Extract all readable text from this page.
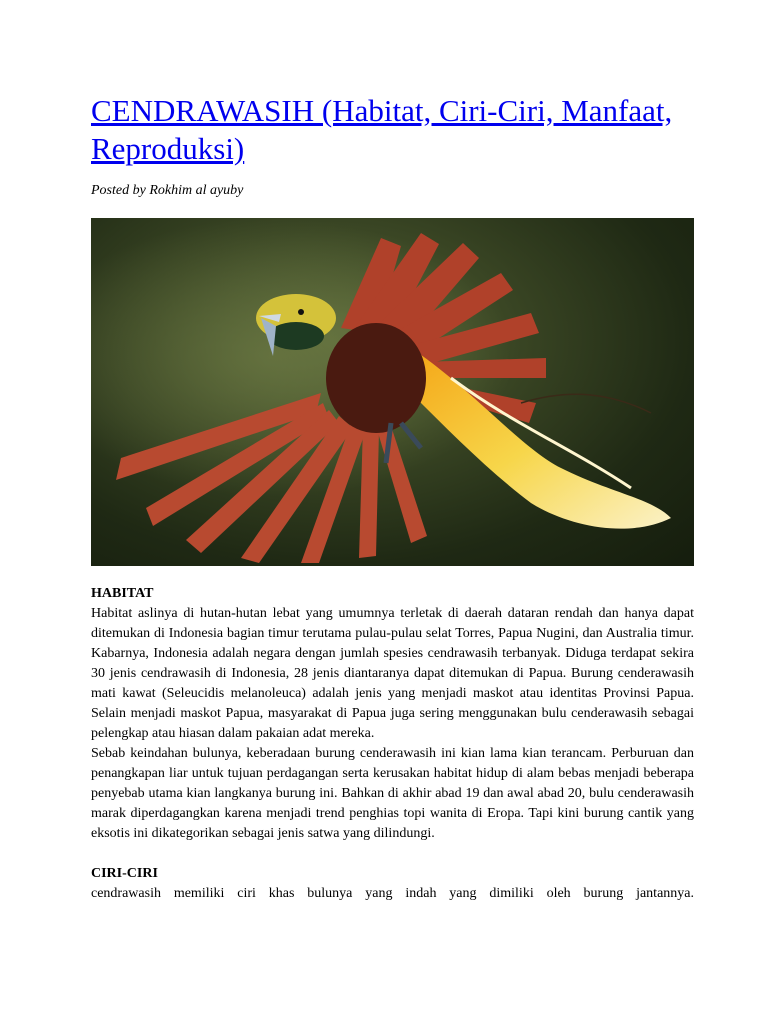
CENDRAWASIH (Habitat, Ciri-Ciri, Manfaat, Reproduksi)
Posted by Rokhim al ayuby

HABITAT

Habitat aslinya di hutan-hutan lebat yang umumnya terletak di daerah dataran rendah dan hanya dapat ditemukan di Indonesia bagian timur terutama pulau-pulau selat Torres, Papua Nugini, dan Australia timur.

Kabarnya, Indonesia adalah negara dengan jumlah spesies cendrawasih terbanyak. Diduga terdapat sekira 30 jenis cendrawasih di Indonesia, 28 jenis diantaranya dapat ditemukan di Papua. Burung cenderawasih mati kawat (Seleucidis melanoleuca) adalah jenis yang menjadi maskot atau identitas Provinsi Papua. Selain menjadi maskot Papua, masyarakat di Papua juga sering menggunakan bulu cenderawasih sebagai pelengkap atau hiasan dalam pakaian adat mereka.

Sebab keindahan bulunya, keberadaan burung cenderawasih ini kian lama kian terancam. Perburuan dan penangkapan liar untuk tujuan perdagangan serta kerusakan habitat hidup di alam bebas menjadi beberapa penyebab utama kian langkanya burung ini. Bahkan di akhir abad 19 dan awal abad 20, bulu cenderawasih marak diperdagangkan karena menjadi trend penghias topi wanita di Eropa. Tapi kini burung cantik yang eksotis ini dikategorikan sebagai jenis satwa yang dilindungi.

CIRI-CIRI

cendrawasih memiliki ciri khas bulunya yang indah yang dimiliki oleh burung jantannya.
